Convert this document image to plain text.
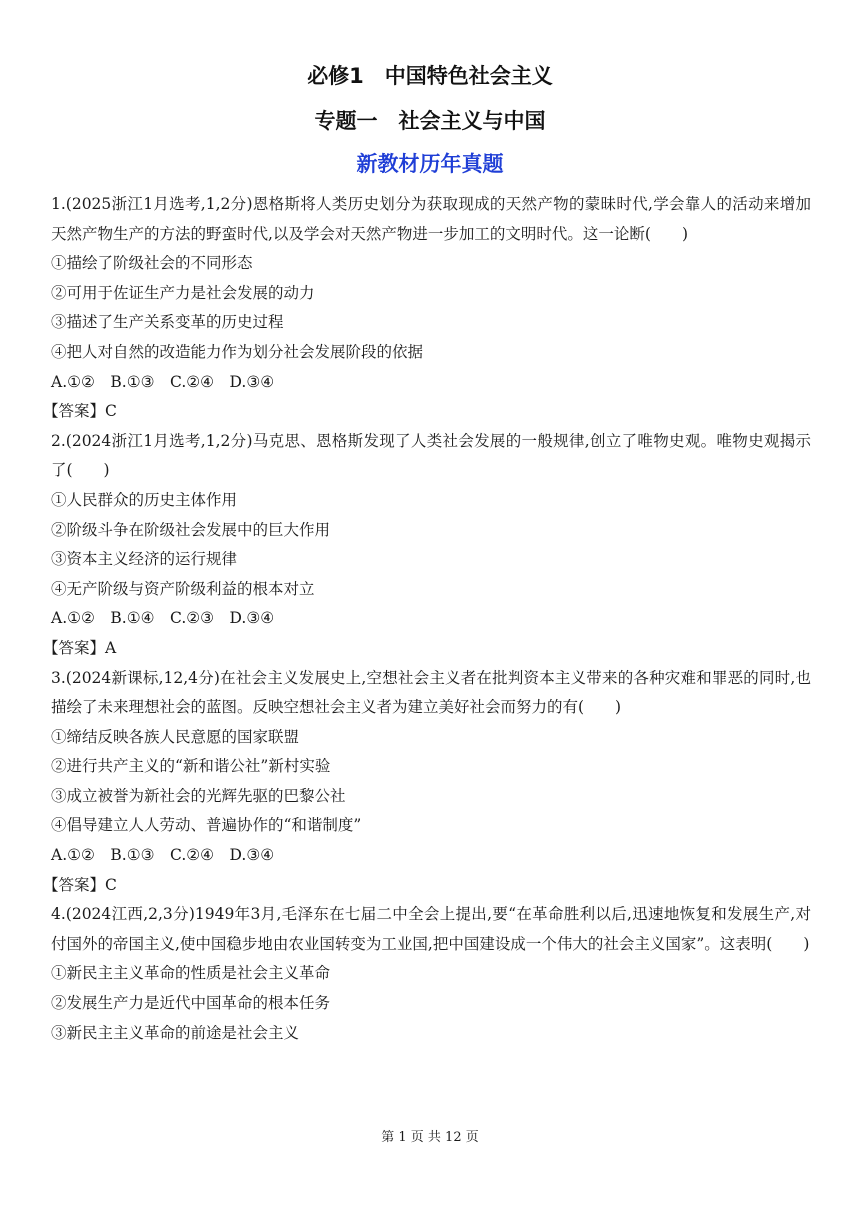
必修1　中国特色社会主义
专题一　社会主义与中国
新教材历年真题

1.(2025浙江1月选考,1,2分)恩格斯将人类历史划分为获取现成的天然产物的蒙昧时代,学会靠人的活动来增加天然产物生产的方法的野蛮时代,以及学会对天然产物进一步加工的文明时代。这一论断(　　)

①描绘了阶级社会的不同形态

②可用于佐证生产力是社会发展的动力

③描述了生产关系变革的历史过程

④把人对自然的改造能力作为划分社会发展阶段的依据

A.①②　B.①③　C.②④　D.③④

【答案】C

2.(2024浙江1月选考,1,2分)马克思、恩格斯发现了人类社会发展的一般规律,创立了唯物史观。唯物史观揭示了(　　)

①人民群众的历史主体作用

②阶级斗争在阶级社会发展中的巨大作用

③资本主义经济的运行规律

④无产阶级与资产阶级利益的根本对立

A.①②　B.①④　C.②③　D.③④

【答案】A

3.(2024新课标,12,4分)在社会主义发展史上,空想社会主义者在批判资本主义带来的各种灾难和罪恶的同时,也描绘了未来理想社会的蓝图。反映空想社会主义者为建立美好社会而努力的有(　　)

①缔结反映各族人民意愿的国家联盟

②进行共产主义的“新和谐公社”新村实验

③成立被誉为新社会的光辉先驱的巴黎公社

④倡导建立人人劳动、普遍协作的“和谐制度”

A.①②　B.①③　C.②④　D.③④

【答案】C

4.(2024江西,2,3分)1949年3月,毛泽东在七届二中全会上提出,要“在革命胜利以后,迅速地恢复和发展生产,对付国外的帝国主义,使中国稳步地由农业国转变为工业国,把中国建设成一个伟大的社会主义国家”。这表明(　　)

①新民主主义革命的性质是社会主义革命

②发展生产力是近代中国革命的根本任务

③新民主主义革命的前途是社会主义

第 1 页 共 12 页
